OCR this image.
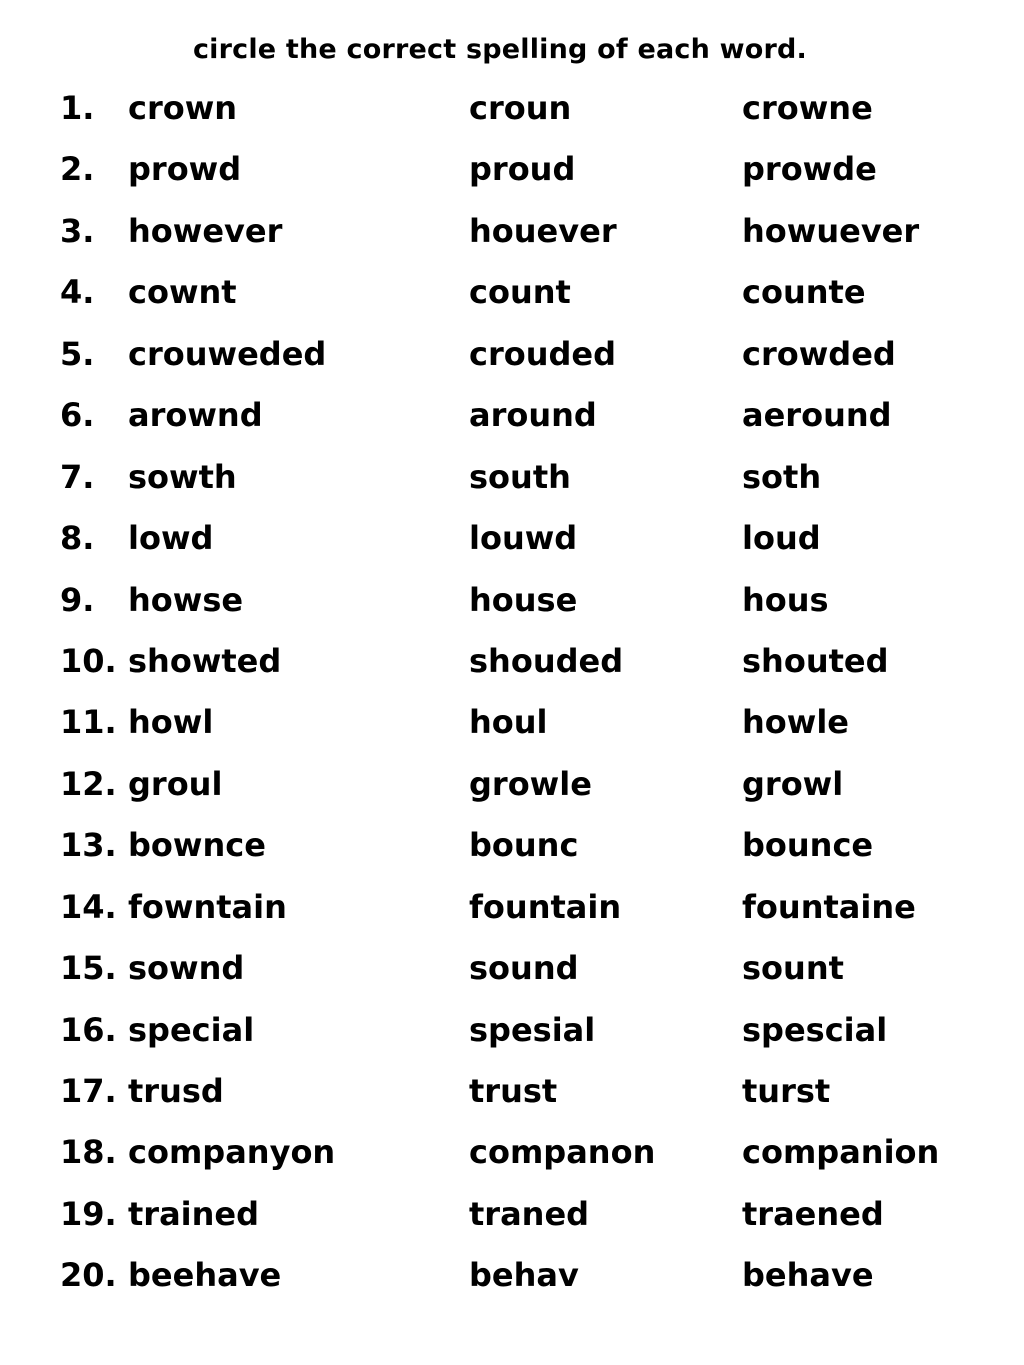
circle the correct spelling of each word.
1. crown	croun	crowne
2. prowd	proud	prowde
3. however	houever	howuever
4. cownt	count	counte
5. crouweded	crouded	crowded
6. arownd	around	aeround
7. sowth	south	soth
8. lowd	louwd	loud
9. howse	house	hous
10. showted	shouded	shouted
11. howl	houl	howle
12. groul	growle	growl
13. bownce	bounc	bounce
14. fowntain	fountain	fountaine
15. sownd	sound	sount
16. special	spesial	spescial
17. trusd	trust	turst
18. companyon	companon	companion
19. trained	traned	traened
20. beehave	behav	behave
